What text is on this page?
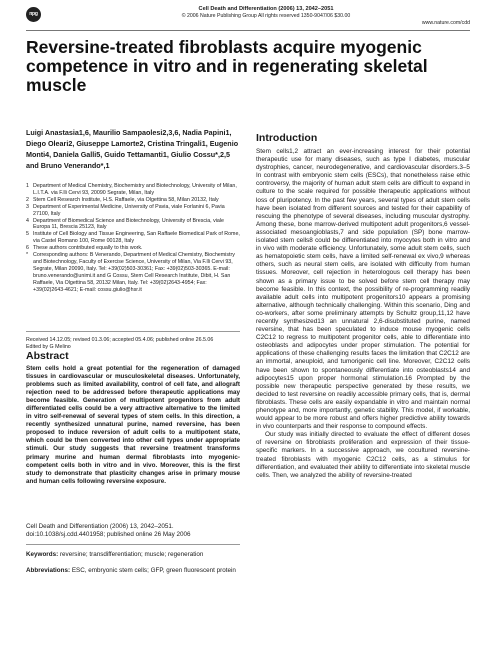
npg
Cell Death and Differentiation (2006) 13, 2042–2051
© 2006 Nature Publishing Group All rights reserved 1350-9047/06 $30.00
www.nature.com/cdd
Reversine-treated fibroblasts acquire myogenic competence in vitro and in regenerating skeletal muscle

Luigi Anastasia1,6, Maurilio Sampaolesi2,3,6, Nadia Papini1, Diego Oleari2, Giuseppe Lamorte2, Cristina Tringali1, Eugenio Monti4, Daniela Galli5, Guido Tettamanti1, Giulio Cossu*,2,5 and Bruno Venerando*,1

1 Department of Medical Chemistry, Biochemistry and Biotechnology, University of Milan, L.I.T.A. via F.lli Cervi 93, 20090 Segrate, Milan, Italy
2 Stem Cell Research Institute, H.S. Raffaele, via Olgettina 58, Milan 20132, Italy
3 Department of Experimental Medicine, University of Pavia, viale Forlanini 6, Pavia 27100, Italy
4 Department of Biomedical Science and Biotechnology, University of Brescia, viale Europa 11, Brescia 25123, Italy
5 Institute of Cell Biology and Tissue Engineering, San Raffaele Biomedical Park of Rome, via Castel Romano 100, Rome 00128, Italy
6 These authors contributed equally to this work.
* Corresponding authors: B Venerando, Department of Medical Chemistry, Biochemistry and Biotechnology, Faculty of Exercise Science, University of Milan, Via F.lli Cervi 93, Segrate, Milan 20090, Italy. Tel: +39(02)503-30361; Fax: +39(02)503-30365. E-mail: bruno.venerando@unimi.it and G Cossu, Stem Cell Research Institute, Dibit, H. San Raffaele, Via Olgettina 58, 20132 Milan, Italy. Tel: +39(02)2643-4954; Fax: +39(02)2643-4621; E-mail: cossu.giulio@hsr.it
Received 14.12.05; revised 01.3.06; accepted 05.4.06; published online 26.5.06
Edited by G Melino
Abstract

Stem cells hold a great potential for the regeneration of damaged tissues in cardiovascular or musculoskeletal diseases. Unfortunately, problems such as limited availability, control of cell fate, and allograft rejection need to be addressed before therapeutic applications may become feasible. Generation of multipotent progenitors from adult differentiated cells could be a very attractive alternative to the limited in vitro self-renewal of several types of stem cells. In this direction, a recently synthesized unnatural purine, named reversine, has been proposed to induce reversion of adult cells to a multipotent state, which could be then converted into other cell types under appropriate stimuli. Our study suggests that reversine treatment transforms primary murine and human dermal fibroblasts into myogenic-competent cells both in vitro and in vivo. Moreover, this is the first study to demonstrate that plasticity changes arise in primary mouse and human cells following reversine exposure.

Cell Death and Differentiation (2006) 13, 2042–2051. doi:10.1038/sj.cdd.4401958; published online 26 May 2006

Keywords: reversine; transdifferentiation; muscle; regeneration

Abbreviations: ESC, embryonic stem cells; GFP, green fluorescent protein

Introduction

Stem cells1,2 attract an ever-increasing interest for their potential therapeutic use for many diseases, such as type I diabetes, muscular dystrophies, cancer, neurodegenerative, and cardiovascular disorders.3–5 In contrast with embryonic stem cells (ESCs), that nonetheless raise ethic controversy, the majority of human adult stem cells are difficult to expand in culture to the scale required for possible therapeutic applications without loss of pluripotency. In the past few years, several types of adult stem cells have been isolated from different sources and tested for their capability of rescuing the phenotype of several diseases, including muscular dystrophy. Among these, bone marrow-derived multipotent adult progenitors,6 vessel-associated mesoangioblasts,7 and side population (SP) bone marrow-isolated stem cells8 could be differentiated into myocytes both in vitro and in vivo with moderate efficiency. Unfortunately, some adult stem cells, such as hematopoietic stem cells, have a limited self-renewal ex vivo,9 whereas others, such as neural stem cells, are isolated with difficulty from human tissues. Moreover, cell rejection in heterologous cell therapy has been shown as a primary issue to be solved before stem cell therapy may become feasible. In this context, the possibility of re-programming readily available adult cells into multipotent progenitors10 appears a promising alternative, although technically challenging. Within this scenario, Ding and co-workers, after some preliminary attempts by Schultz group,11,12 have recently synthesized13 an unnatural 2,6-disubstituted purine, named reversine, that has been speculated to induce mouse myogenic cells C2C12 to regress to multipotent progenitor cells, able to differentiate into osteoblasts and adipocytes under proper stimulation. The potential for applications of these challenging results faces the limitation that C2C12 are an immortal, aneuploid, and tumorigenic cell line. Moreover, C2C12 cells have been shown to spontaneously differentiate into osteoblasts14 and adipocytes15 upon proper hormonal stimulation.16 Prompted by the possible new therapeutic perspective generated by these results, we decided to test reversine on readily accessible primary cells, that is, dermal fibroblasts. These cells are easily expandable in vitro and maintain normal phenotype and, more importantly, genetic stability. This model, if workable, would appear to be more robust and offers higher predictive ability towards in vivo counterparts and their response to compound effects.

Our study was initially directed to evaluate the effect of different doses of reversine on fibroblasts proliferation and expression of their tissue-specific markers. In a successive approach, we cocultured reversine-treated fibroblasts with myogenic C2C12 cells, as a stimulus for differentiation, and evaluated their ability to differentiate into skeletal muscle cells. Then, we analyzed the ability of reversine-treated
